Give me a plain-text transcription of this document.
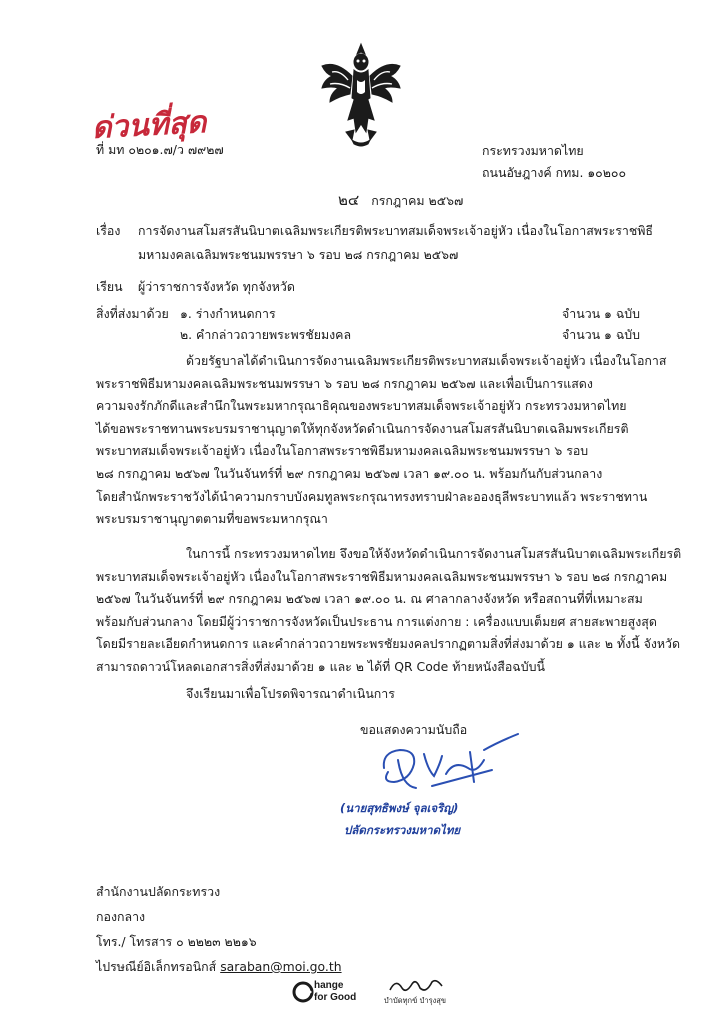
ด่วนที่สุด
ที่ มท ๐๒๐๑.๗/ว ๗๙๒๗	กระทรวงมหาดไทย
ถนนอัษฎางค์ กทม. ๑๐๒๐๐
๒๔ กรกฎาคม ๒๕๖๗
เรื่อง การจัดงานสโมสรสันนิบาตเฉลิมพระเกียรติพระบาทสมเด็จพระเจ้าอยู่หัว เนื่องในโอกาสพระราชพิธี
มหามงคลเฉลิมพระชนมพรรษา ๖ รอบ ๒๘ กรกฎาคม ๒๕๖๗
เรียน ผู้ว่าราชการจังหวัด ทุกจังหวัด
สิ่งที่ส่งมาด้วย ๑. ร่างกำหนดการ	จำนวน ๑ ฉบับ
๒. คำกล่าวถวายพระพรชัยมงคล	จำนวน ๑ ฉบับ
ด้วยรัฐบาลได้ดำเนินการจัดงานเฉลิมพระเกียรติพระบาทสมเด็จพระเจ้าอยู่หัว เนื่องในโอกาส
พระราชพิธีมหามงคลเฉลิมพระชนมพรรษา ๖ รอบ ๒๘ กรกฎาคม ๒๕๖๗ และเพื่อเป็นการแสดง
ความจงรักภักดีและสำนึกในพระมหากรุณาธิคุณของพระบาทสมเด็จพระเจ้าอยู่หัว กระทรวงมหาดไทย
ได้ขอพระราชทานพระบรมราชานุญาตให้ทุกจังหวัดดำเนินการจัดงานสโมสรสันนิบาตเฉลิมพระเกียรติ
พระบาทสมเด็จพระเจ้าอยู่หัว เนื่องในโอกาสพระราชพิธีมหามงคลเฉลิมพระชนมพรรษา ๖ รอบ
๒๘ กรกฎาคม ๒๕๖๗ ในวันจันทร์ที่ ๒๙ กรกฎาคม ๒๕๖๗ เวลา ๑๙.๐๐ น. พร้อมกันกับส่วนกลาง
โดยสำนักพระราชวังได้นำความกราบบังคมทูลพระกรุณาทรงทราบฝ่าละอองธุลีพระบาทแล้ว พระราชทาน
พระบรมราชานุญาตตามที่ขอพระมหากรุณา
ในการนี้ กระทรวงมหาดไทย จึงขอให้จังหวัดดำเนินการจัดงานสโมสรสันนิบาตเฉลิมพระเกียรติ
พระบาทสมเด็จพระเจ้าอยู่หัว เนื่องในโอกาสพระราชพิธีมหามงคลเฉลิมพระชนมพรรษา ๖ รอบ ๒๘ กรกฎาคม
๒๕๖๗ ในวันจันทร์ที่ ๒๙ กรกฎาคม ๒๕๖๗ เวลา ๑๙.๐๐ น. ณ ศาลากลางจังหวัด หรือสถานที่ที่เหมาะสม
พร้อมกับส่วนกลาง โดยมีผู้ว่าราชการจังหวัดเป็นประธาน การแต่งกาย : เครื่องแบบเต็มยศ สายสะพายสูงสุด
โดยมีรายละเอียดกำหนดการ และคำกล่าวถวายพระพรชัยมงคลปรากฏตามสิ่งที่ส่งมาด้วย ๑ และ ๒ ทั้งนี้ จังหวัด
สามารถดาวน์โหลดเอกสารสิ่งที่ส่งมาด้วย ๑ และ ๒ ได้ที่ QR Code ท้ายหนังสือฉบับนี้
จึงเรียนมาเพื่อโปรดพิจารณาดำเนินการ
ขอแสดงความนับถือ
(นายสุทธิพงษ์ จุลเจริญ)
ปลัดกระทรวงมหาดไทย
สำนักงานปลัดกระทรวง
กองกลาง
โทร./ โทรสาร ๐ ๒๒๒๓ ๒๒๑๖
ไปรษณีย์อิเล็กทรอนิกส์ saraban@moi.go.th
hange
for Good	บำบัดทุกข์ บำรุงสุข
